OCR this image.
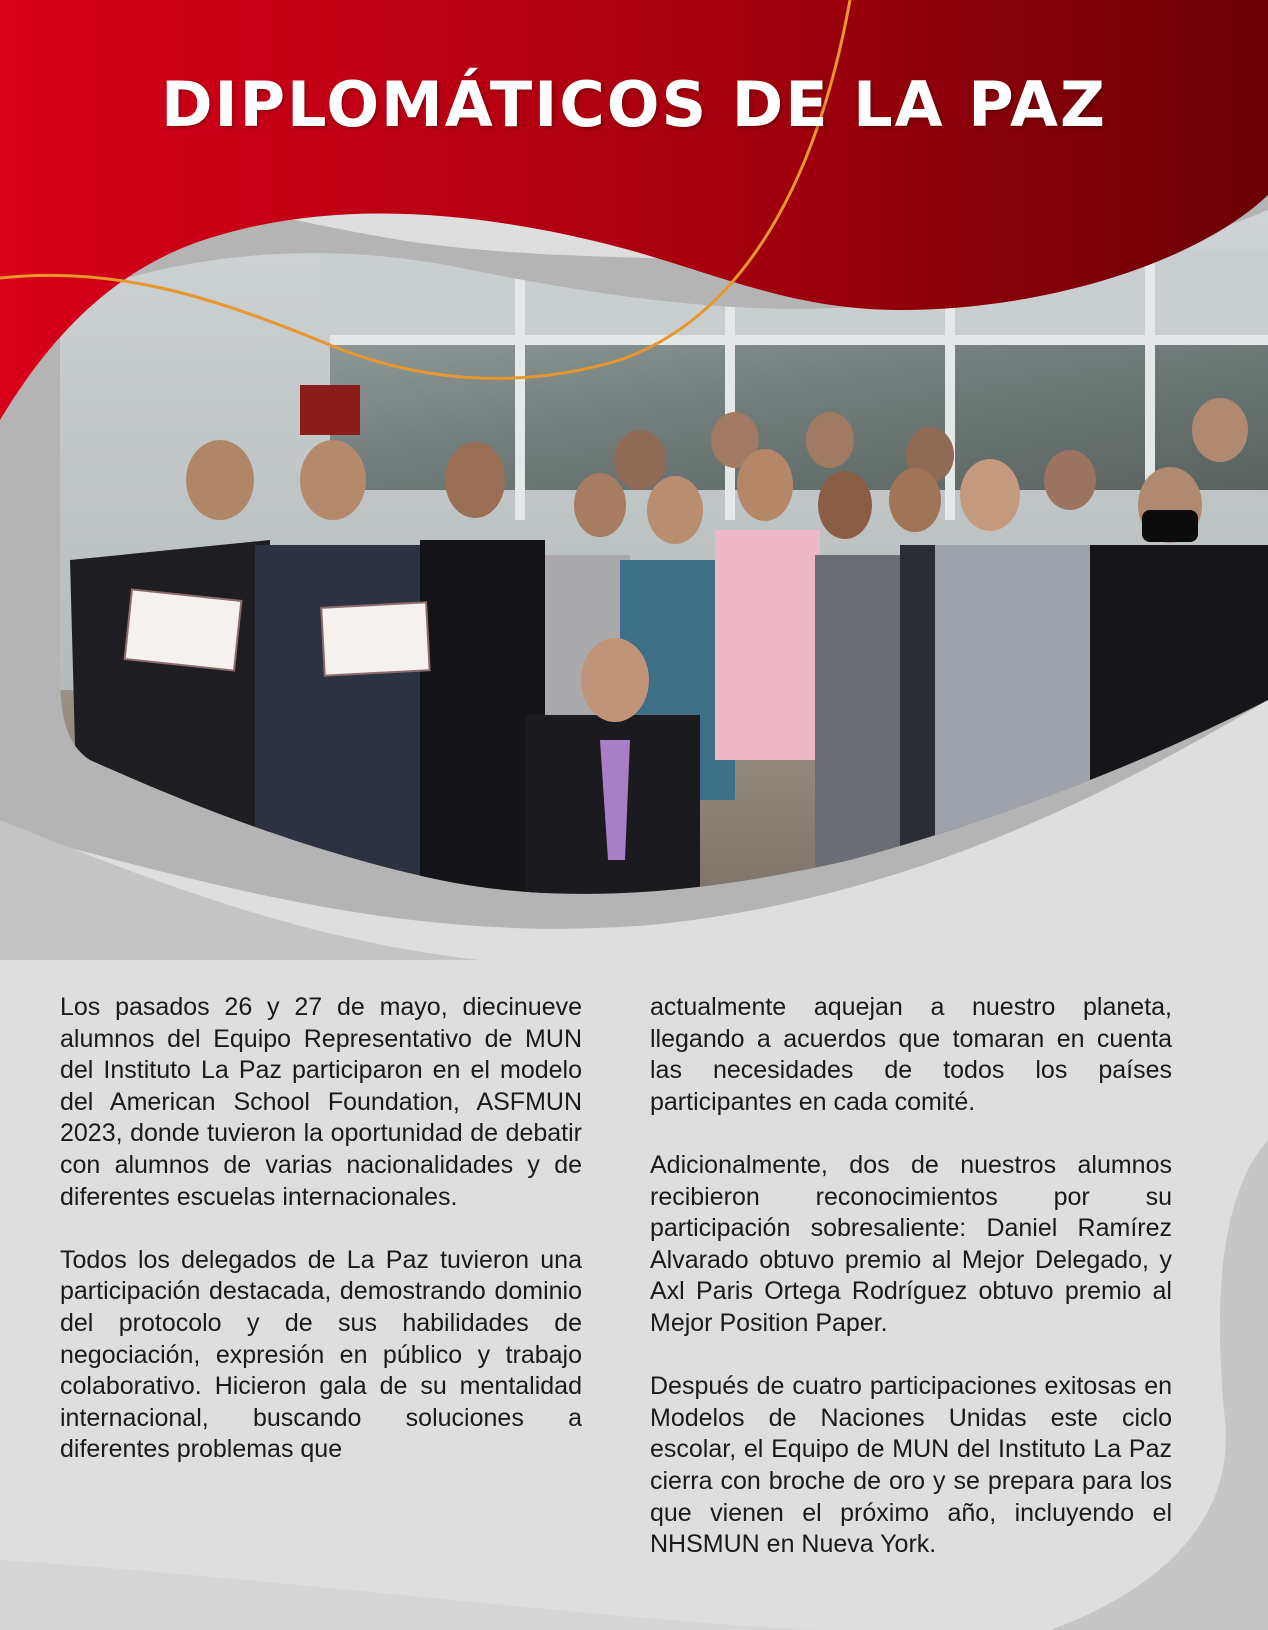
DIPLOMÁTICOS DE LA PAZ

Los pasados 26 y 27 de mayo, diecinueve alumnos del Equipo Representativo de MUN del Instituto La Paz participaron en el modelo del American School Foundation, ASFMUN 2023, donde tuvieron la oportunidad de debatir con alumnos de varias nacionalidades y de diferentes escuelas internacionales.

Todos los delegados de La Paz tuvieron una participación destacada, demostrando dominio del protocolo y de sus habilidades de negociación, expresión en público y trabajo colaborativo. Hicieron gala de su mentalidad internacional, buscando soluciones a diferentes problemas que

actualmente aquejan a nuestro planeta, llegando a acuerdos que tomaran en cuenta las necesidades de todos los países participantes en cada comité.

Adicionalmente, dos de nuestros alumnos recibieron reconocimientos por su participación sobresaliente: Daniel Ramírez Alvarado obtuvo premio al Mejor Delegado, y Axl Paris Ortega Rodríguez obtuvo premio al Mejor Position Paper.

Después de cuatro participaciones exitosas en Modelos de Naciones Unidas este ciclo escolar, el Equipo de MUN del Instituto La Paz cierra con broche de oro y se prepara para los que vienen el próximo año, incluyendo el NHSMUN en Nueva York.
